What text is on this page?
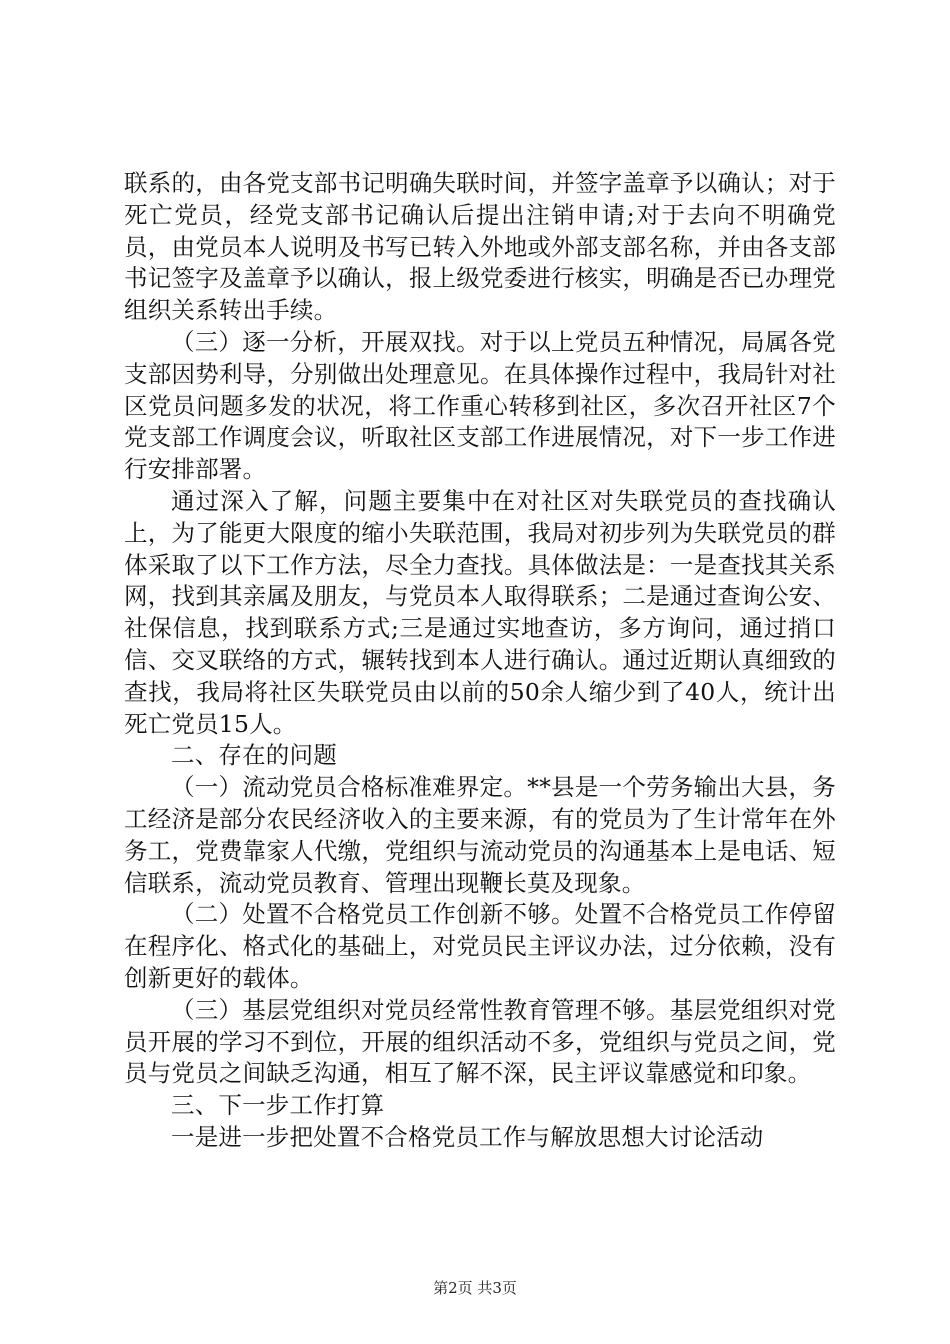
联系的，由各党支部书记明确失联时间，并签字盖章予以确认；对于死亡党员，经党支部书记确认后提出注销申请;对于去向不明确党员，由党员本人说明及书写已转入外地或外部支部名称，并由各支部书记签字及盖章予以确认，报上级党委进行核实，明确是否已办理党组织关系转出手续。

（三）逐一分析，开展双找。对于以上党员五种情况，局属各党支部因势利导，分别做出处理意见。在具体操作过程中，我局针对社区党员问题多发的状况，将工作重心转移到社区，多次召开社区7个党支部工作调度会议，听取社区支部工作进展情况，对下一步工作进行安排部署。

通过深入了解，问题主要集中在对社区对失联党员的查找确认上，为了能更大限度的缩小失联范围，我局对初步列为失联党员的群体采取了以下工作方法，尽全力查找。具体做法是：一是查找其关系网，找到其亲属及朋友，与党员本人取得联系；二是通过查询公安、社保信息，找到联系方式;三是通过实地查访，多方询问，通过捎口信、交叉联络的方式，辗转找到本人进行确认。通过近期认真细致的查找，我局将社区失联党员由以前的50余人缩少到了40人，统计出死亡党员15人。

二、存在的问题

（一）流动党员合格标准难界定。**县是一个劳务输出大县，务工经济是部分农民经济收入的主要来源，有的党员为了生计常年在外务工，党费靠家人代缴，党组织与流动党员的沟通基本上是电话、短信联系，流动党员教育、管理出现鞭长莫及现象。

（二）处置不合格党员工作创新不够。处置不合格党员工作停留在程序化、格式化的基础上，对党员民主评议办法，过分依赖，没有创新更好的载体。

（三）基层党组织对党员经常性教育管理不够。基层党组织对党员开展的学习不到位，开展的组织活动不多，党组织与党员之间，党员与党员之间缺乏沟通，相互了解不深，民主评议靠感觉和印象。

三、下一步工作打算

一是进一步把处置不合格党员工作与解放思想大讨论活动

第2页 共3页
